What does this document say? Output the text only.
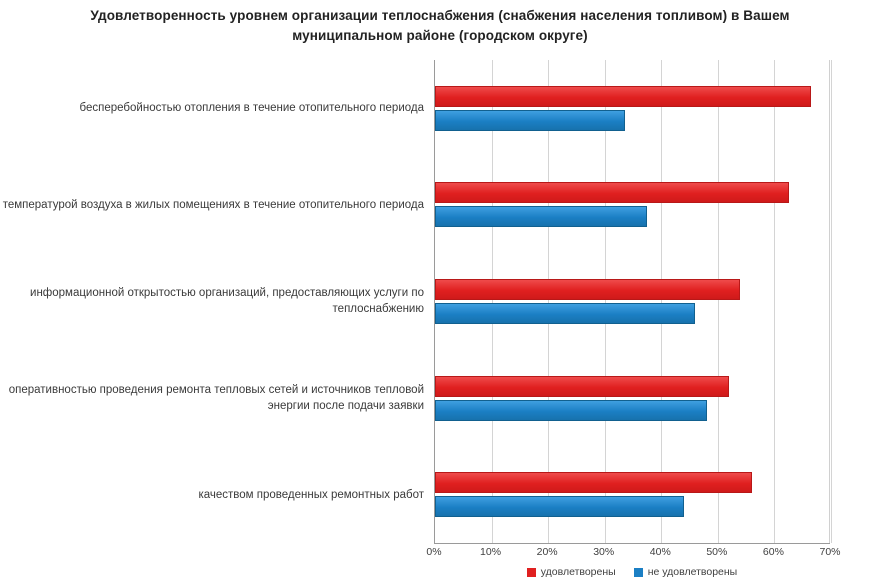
Удовлетворенность уровнем организации теплоснабжения (снабжения населения топливом) в Вашем муниципальном районе (городском округе)
бесперебойностью отопления в течение отопительного периода
температурой воздуха в жилых помещениях в течение отопительного периода
информационной открытостью организаций, предоставляющих услуги по теплоснабжению
оперативностью проведения ремонта тепловых сетей и источников тепловой энергии после подачи заявки
качеством проведенных ремонтных работ
0%	10%	20%	30%	40%	50%	60%	70%
удовлетворены	не удовлетворены
